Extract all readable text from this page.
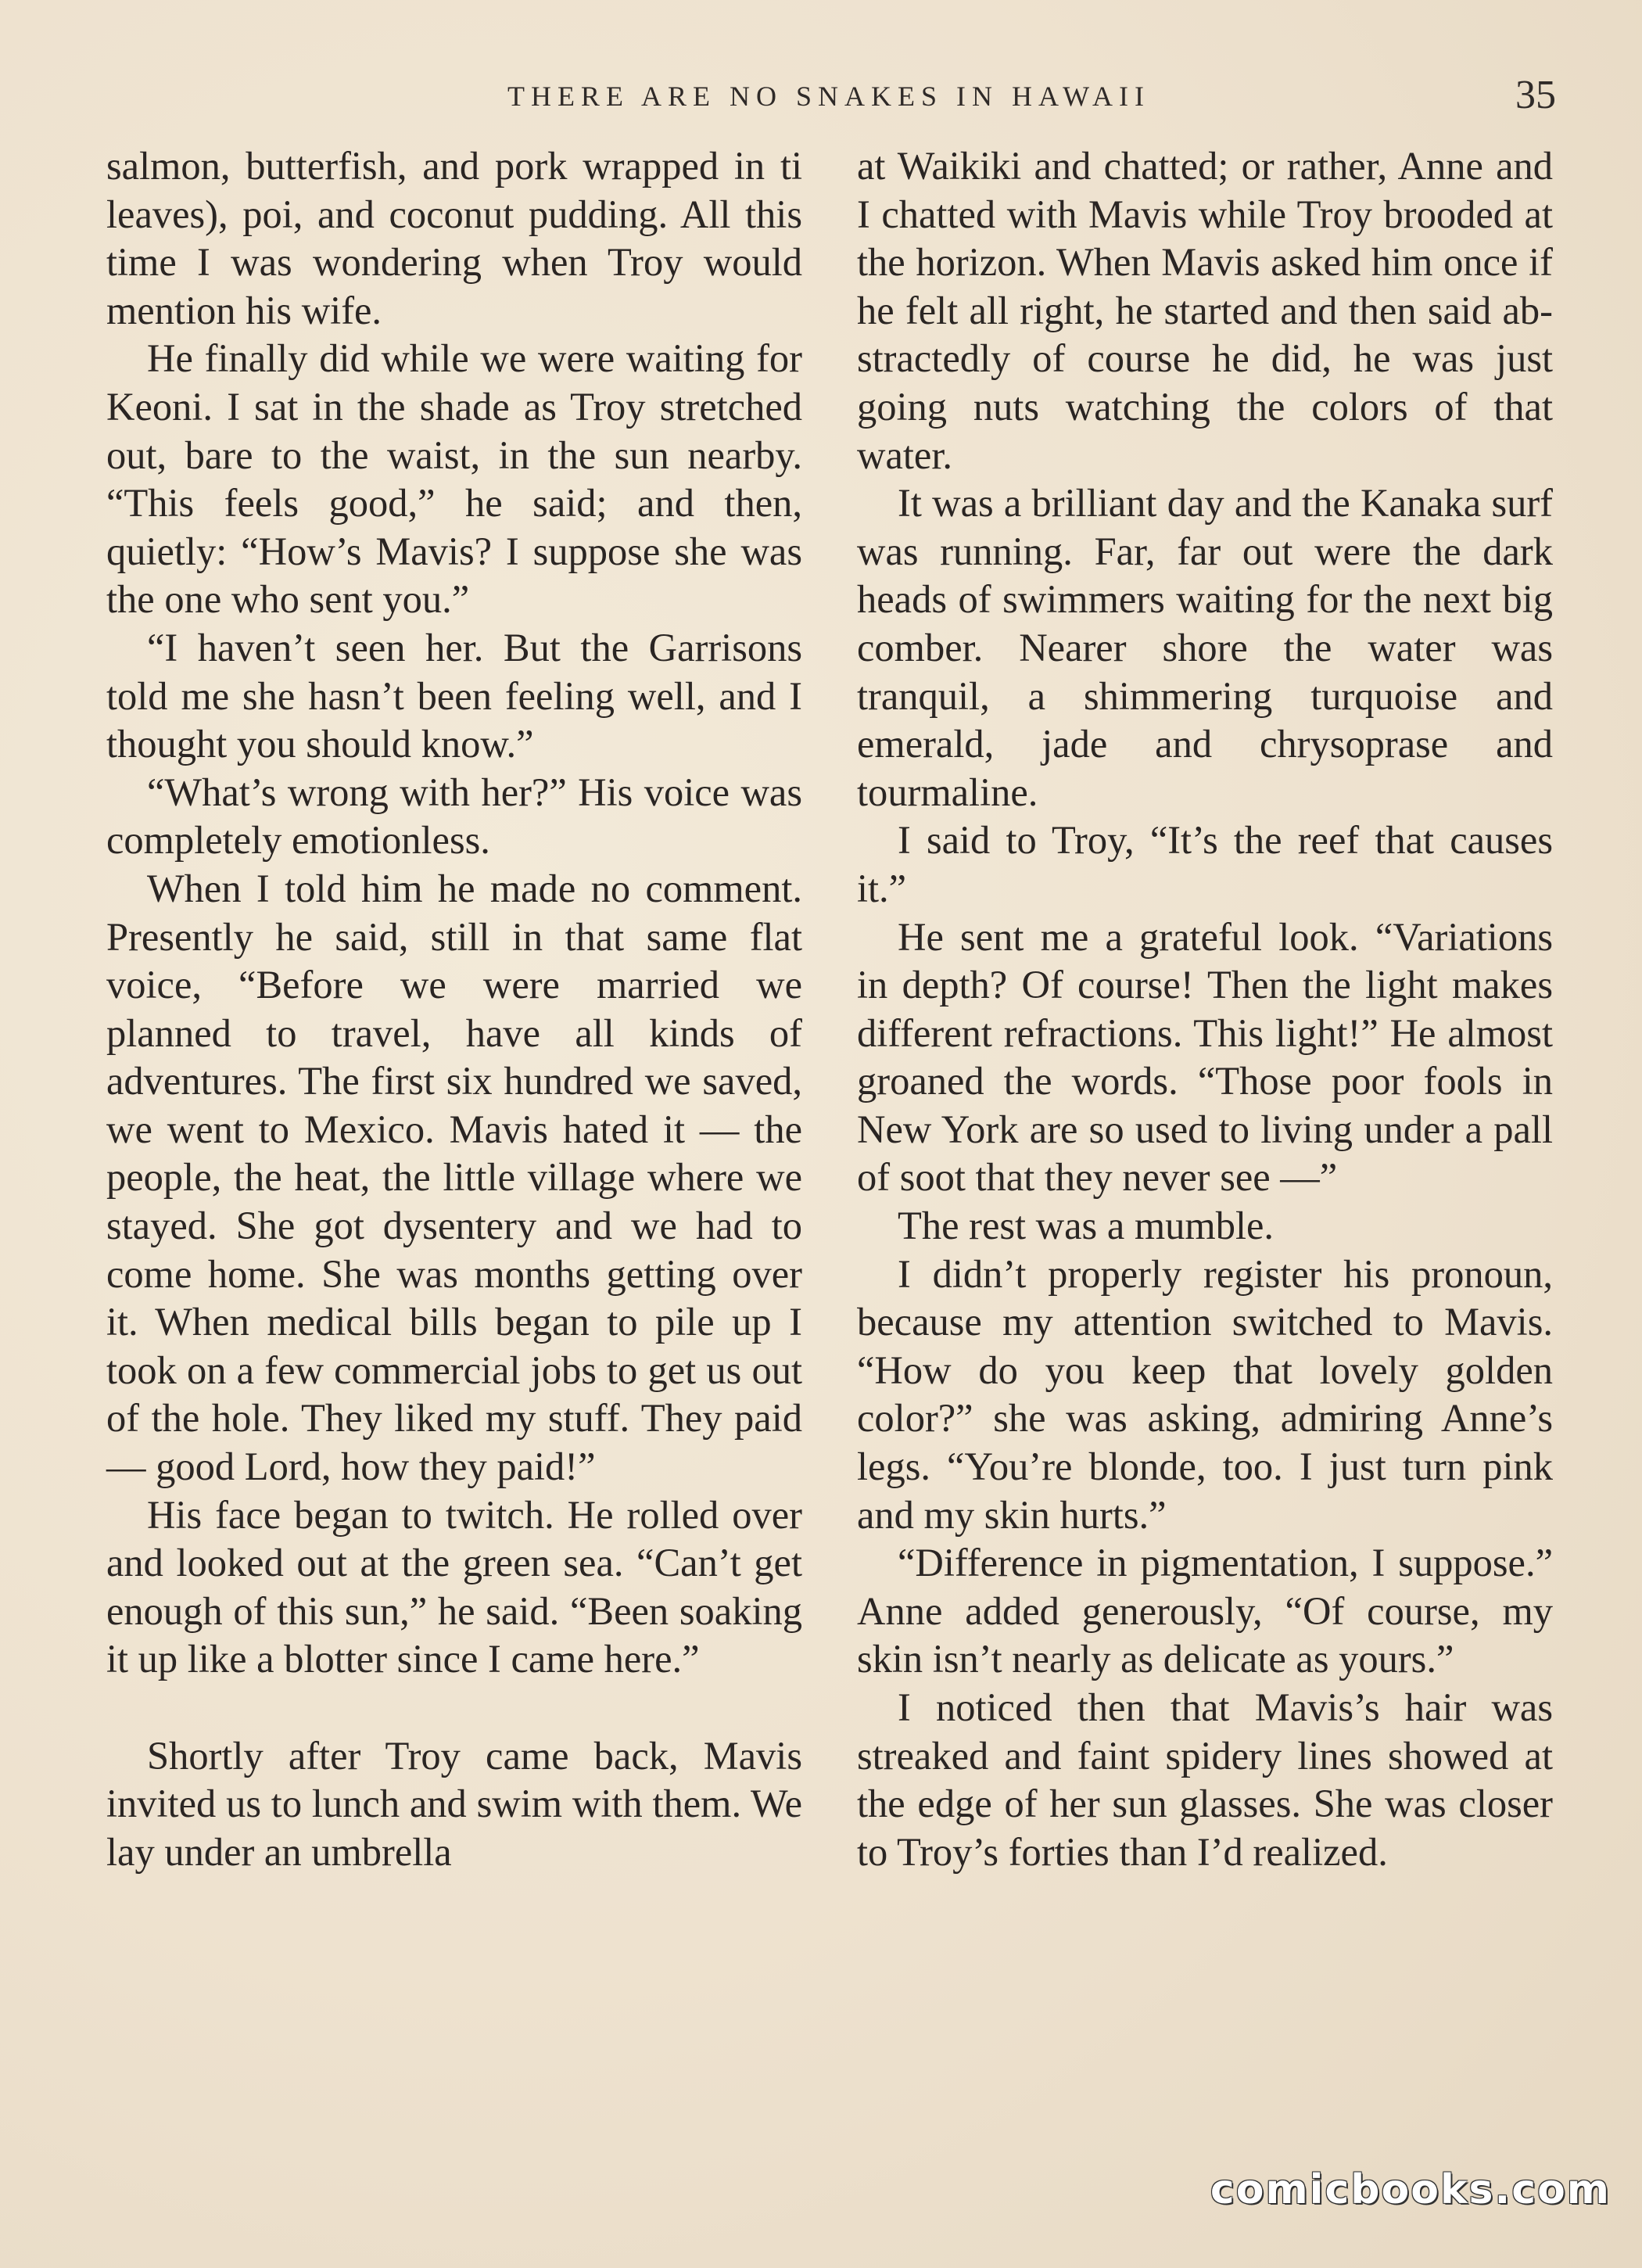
THERE ARE NO SNAKES IN HAWAII	35

salmon, butterfish, and pork wrapped in ti leaves), poi, and coconut pudding. All this time I was wondering when Troy would mention his wife.

He finally did while we were waiting for Keoni. I sat in the shade as Troy stretched out, bare to the waist, in the sun nearby. “This feels good,” he said; and then, quietly: “How’s Mavis? I suppose she was the one who sent you.”

“I haven’t seen her. But the Garrisons told me she hasn’t been feeling well, and I thought you should know.”

“What’s wrong with her?” His voice was completely emotionless.

When I told him he made no comment. Presently he said, still in that same flat voice, “Before we were married we planned to travel, have all kinds of adventures. The first six hundred we saved, we went to Mexico. Mavis hated it — the people, the heat, the little village where we stayed. She got dysentery and we had to come home. She was months getting over it. When medical bills began to pile up I took on a few commercial jobs to get us out of the hole. They liked my stuff. They paid — good Lord, how they paid!”

His face began to twitch. He rolled over and looked out at the green sea. “Can’t get enough of this sun,” he said. “Been soaking it up like a blotter since I came here.”

Shortly after Troy came back, Mavis invited us to lunch and swim with them. We lay under an umbrella

at Waikiki and chatted; or rather, Anne and I chatted with Mavis while Troy brooded at the horizon. When Mavis asked him once if he felt all right, he started and then said abstractedly of course he did, he was just going nuts watching the colors of that water.

It was a brilliant day and the Kanaka surf was running. Far, far out were the dark heads of swimmers waiting for the next big comber. Nearer shore the water was tranquil, a shimmering turquoise and emerald, jade and chrysoprase and tourmaline.

I said to Troy, “It’s the reef that causes it.”

He sent me a grateful look. “Variations in depth? Of course! Then the light makes different refractions. This light!” He almost groaned the words. “Those poor fools in New York are so used to living under a pall of soot that they never see —”

The rest was a mumble.

I didn’t properly register his pronoun, because my attention switched to Mavis. “How do you keep that lovely golden color?” she was asking, admiring Anne’s legs. “You’re blonde, too. I just turn pink and my skin hurts.”

“Difference in pigmentation, I suppose.” Anne added generously, “Of course, my skin isn’t nearly as delicate as yours.”

I noticed then that Mavis’s hair was streaked and faint spidery lines showed at the edge of her sun glasses. She was closer to Troy’s forties than I’d realized.

comicbooks.com
